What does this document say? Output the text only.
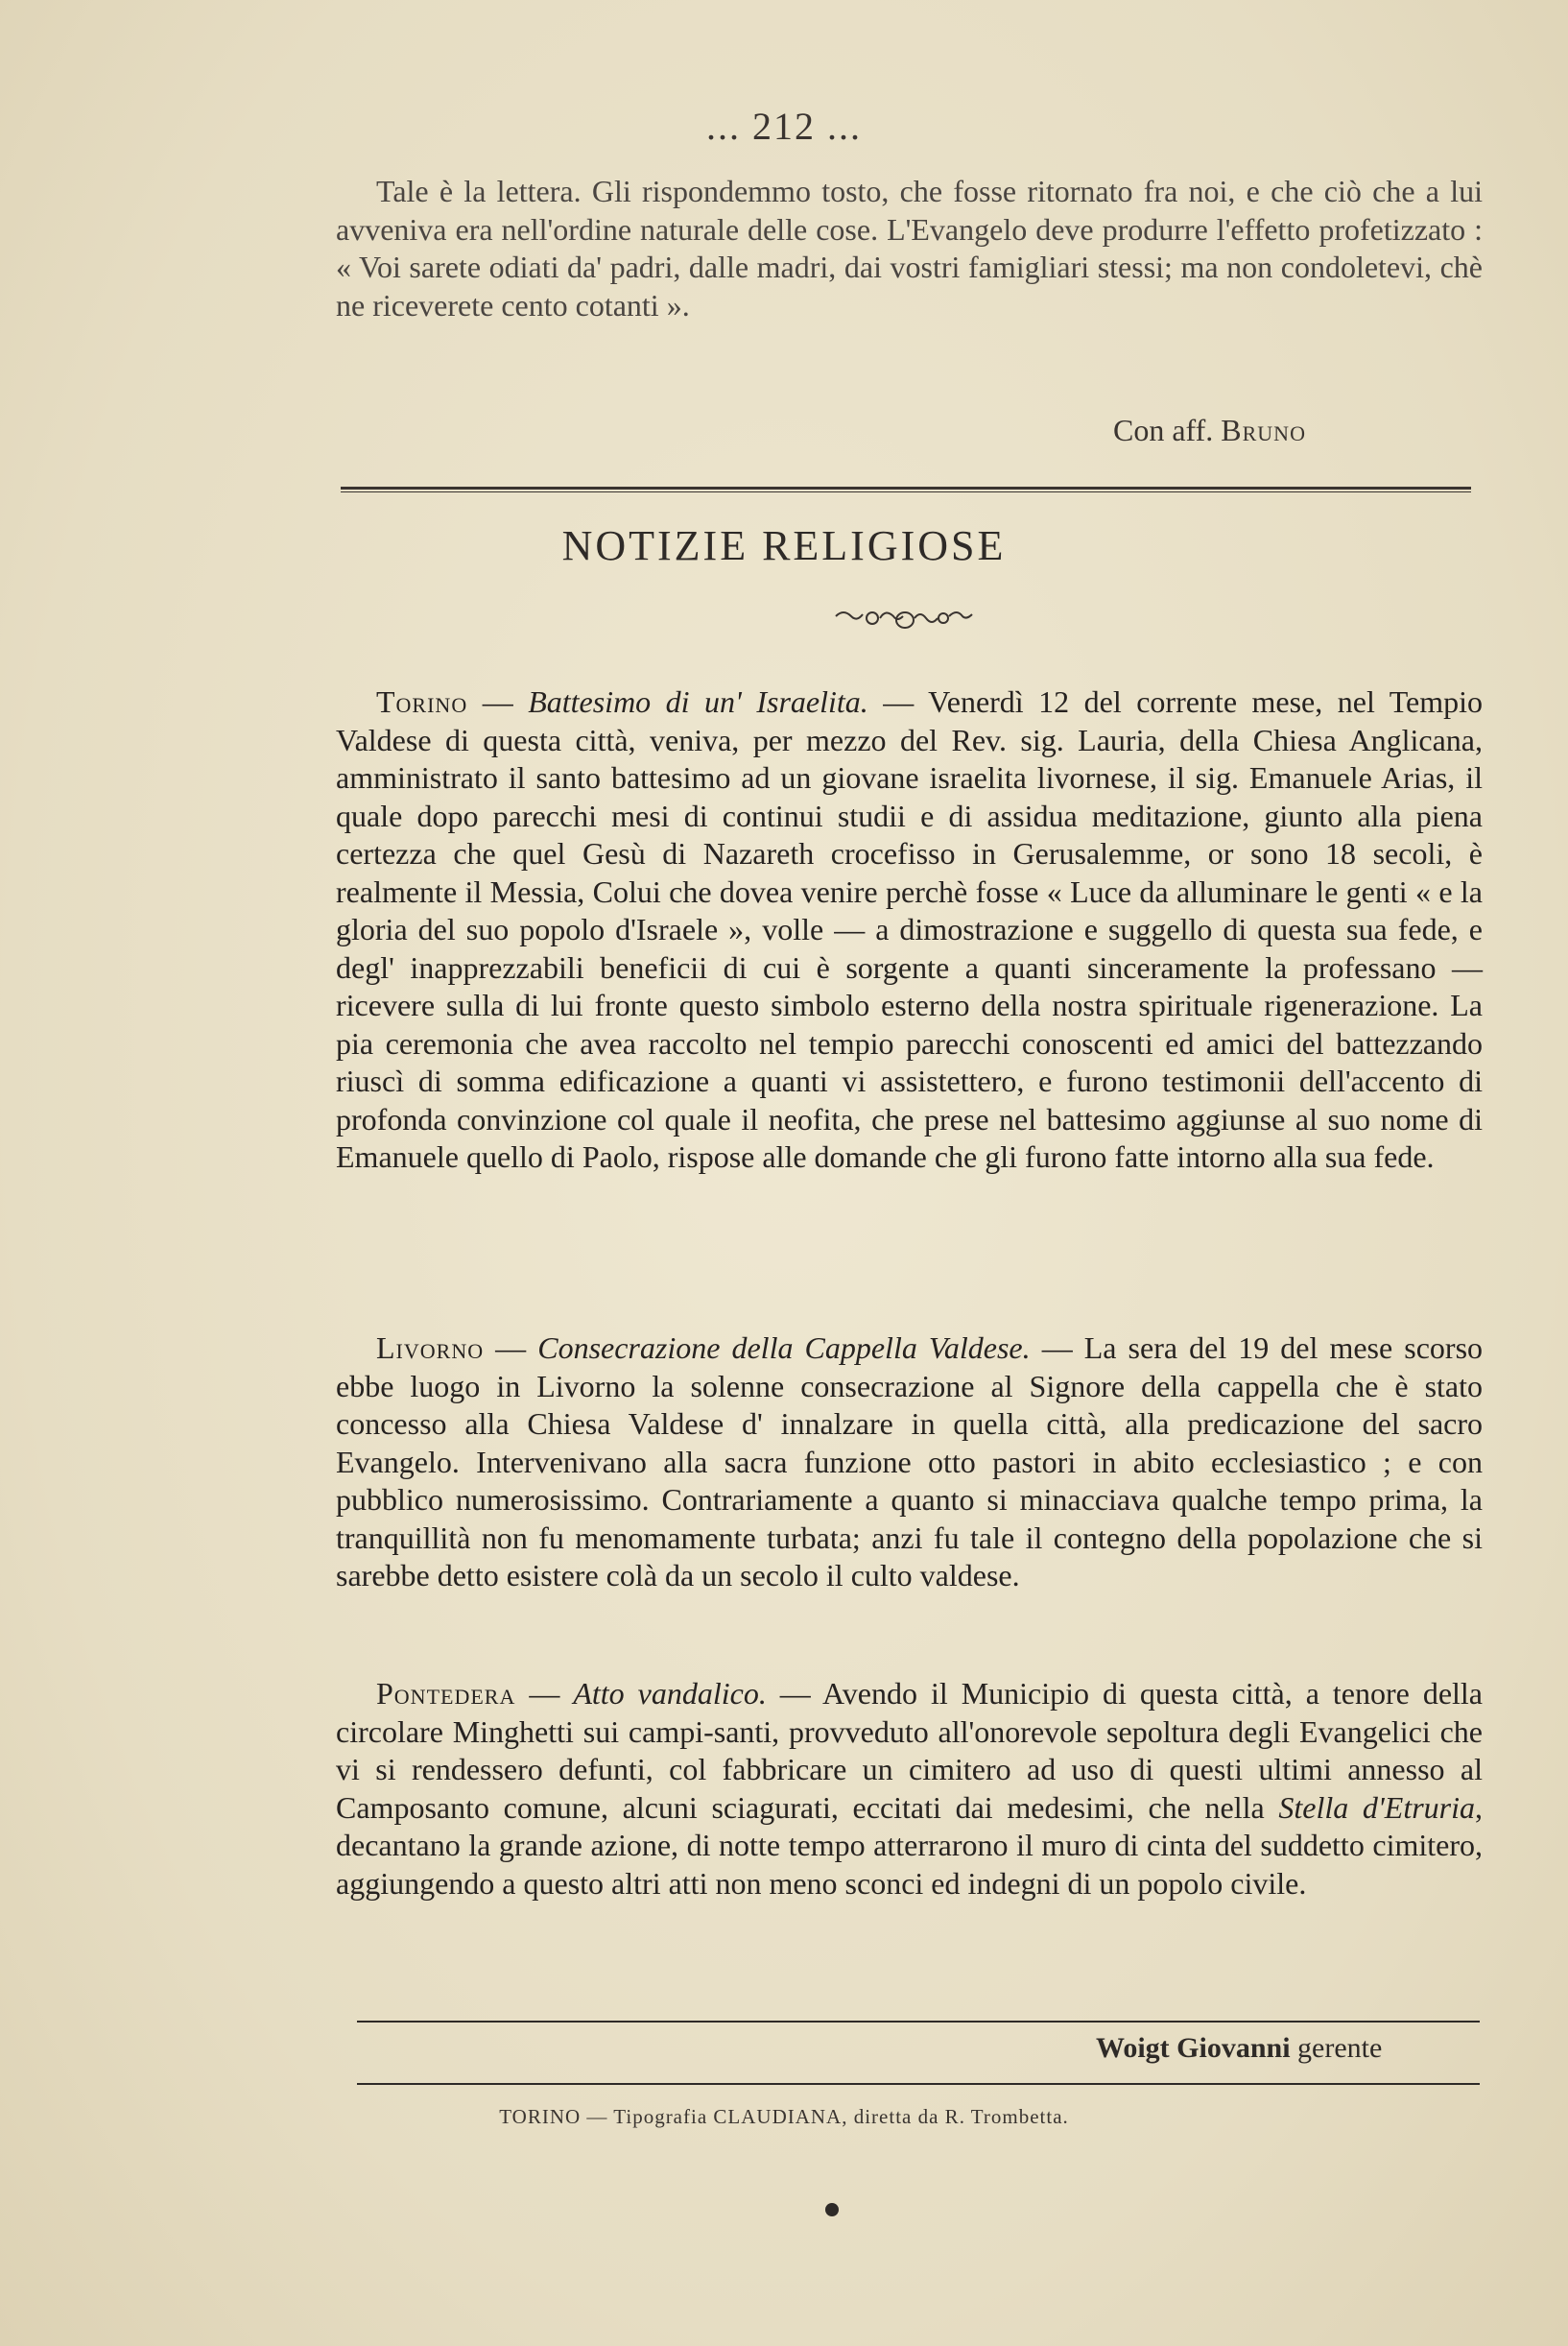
... 212 ...

Tale è la lettera. Gli rispondemmo tosto, che fosse ritornato fra noi, e che ciò che a lui avveniva era nell'ordine naturale delle cose. L'Evangelo deve produrre l'effetto profetizzato : « Voi sarete odiati da' padri, dalle madri, dai vostri famigliari stessi; ma non condoletevi, chè ne riceverete cento cotanti ».

Con aff. Bruno
NOTIZIE RELIGIOSE

Torino — Battesimo di un' Israelita. — Venerdì 12 del corrente mese, nel Tempio Valdese di questa città, veniva, per mezzo del Rev. sig. Lauria, della Chiesa Anglicana, amministrato il santo battesimo ad un giovane israelita livornese, il sig. Emanuele Arias, il quale dopo parecchi mesi di continui studii e di assidua meditazione, giunto alla piena certezza che quel Gesù di Nazareth crocefisso in Gerusalemme, or sono 18 secoli, è realmente il Messia, Colui che dovea venire perchè fosse « Luce da alluminare le genti « e la gloria del suo popolo d'Israele », volle — a dimostrazione e suggello di questa sua fede, e degl' inapprezzabili beneficii di cui è sorgente a quanti sinceramente la professano — ricevere sulla di lui fronte questo simbolo esterno della nostra spirituale rigenerazione. La pia ceremonia che avea raccolto nel tempio parecchi conoscenti ed amici del battezzando riuscì di somma edificazione a quanti vi assistettero, e furono testimonii dell'accento di profonda convinzione col quale il neofita, che prese nel battesimo aggiunse al suo nome di Emanuele quello di Paolo, rispose alle domande che gli furono fatte intorno alla sua fede.

Livorno — Consecrazione della Cappella Valdese. — La sera del 19 del mese scorso ebbe luogo in Livorno la solenne consecrazione al Signore della cappella che è stato concesso alla Chiesa Valdese d' innalzare in quella città, alla predicazione del sacro Evangelo. Intervenivano alla sacra funzione otto pastori in abito ecclesiastico ; e con pubblico numerosissimo. Contrariamente a quanto si minacciava qualche tempo prima, la tranquillità non fu menomamente turbata; anzi fu tale il contegno della popolazione che si sarebbe detto esistere colà da un secolo il culto valdese.

Pontedera — Atto vandalico. — Avendo il Municipio di questa città, a tenore della circolare Minghetti sui campi-santi, provveduto all'onorevole sepoltura degli Evangelici che vi si rendessero defunti, col fabbricare un cimitero ad uso di questi ultimi annesso al Camposanto comune, alcuni sciagurati, eccitati dai medesimi, che nella Stella d'Etruria, decantano la grande azione, di notte tempo atterrarono il muro di cinta del suddetto cimitero, aggiungendo a questo altri atti non meno sconci ed indegni di un popolo civile.

Woigt Giovanni gerente
TORINO — Tipografia CLAUDIANA, diretta da R. Trombetta.
